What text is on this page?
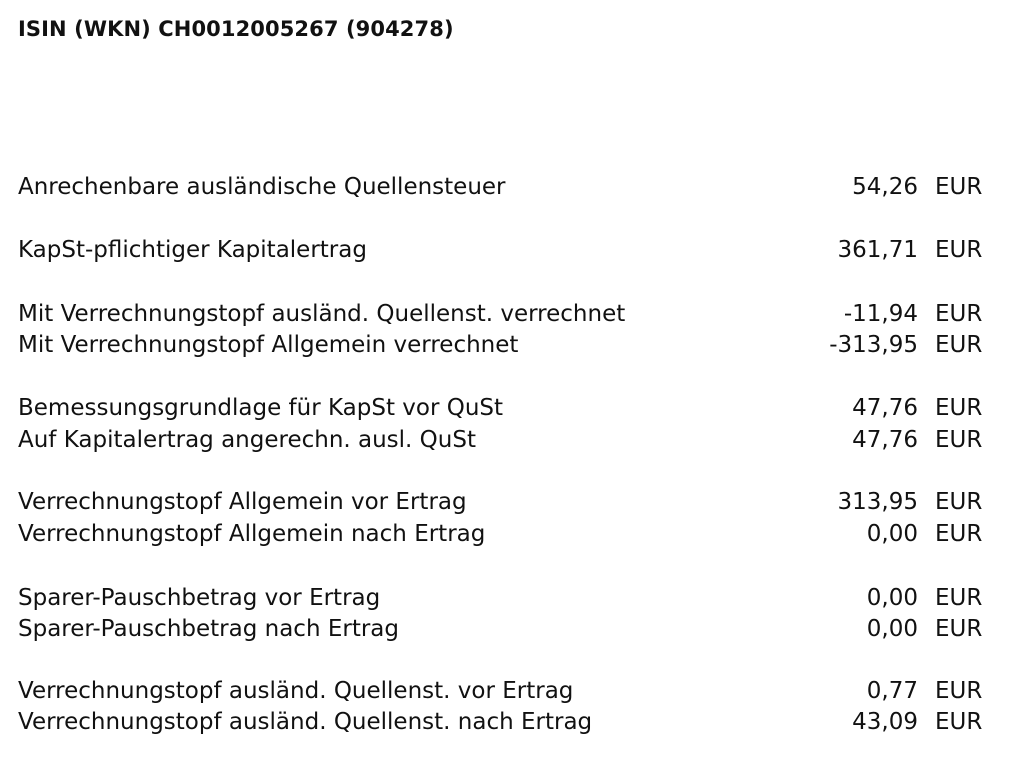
ISIN (WKN) CH0012005267 (904278)
Anrechenbare ausländische Quellensteuer	54,26 EUR
KapSt-pflichtiger Kapitalertrag	361,71 EUR
Mit Verrechnungstopf ausländ. Quellenst. verrechnet	-11,94 EUR
Mit Verrechnungstopf Allgemein verrechnet	-313,95 EUR
Bemessungsgrundlage für KapSt vor QuSt	47,76 EUR
Auf Kapitalertrag angerechn. ausl. QuSt	47,76 EUR
Verrechnungstopf Allgemein vor Ertrag	313,95 EUR
Verrechnungstopf Allgemein nach Ertrag	0,00 EUR
Sparer-Pauschbetrag vor Ertrag	0,00 EUR
Sparer-Pauschbetrag nach Ertrag	0,00 EUR
Verrechnungstopf ausländ. Quellenst. vor Ertrag	0,77 EUR
Verrechnungstopf ausländ. Quellenst. nach Ertrag	43,09 EUR
